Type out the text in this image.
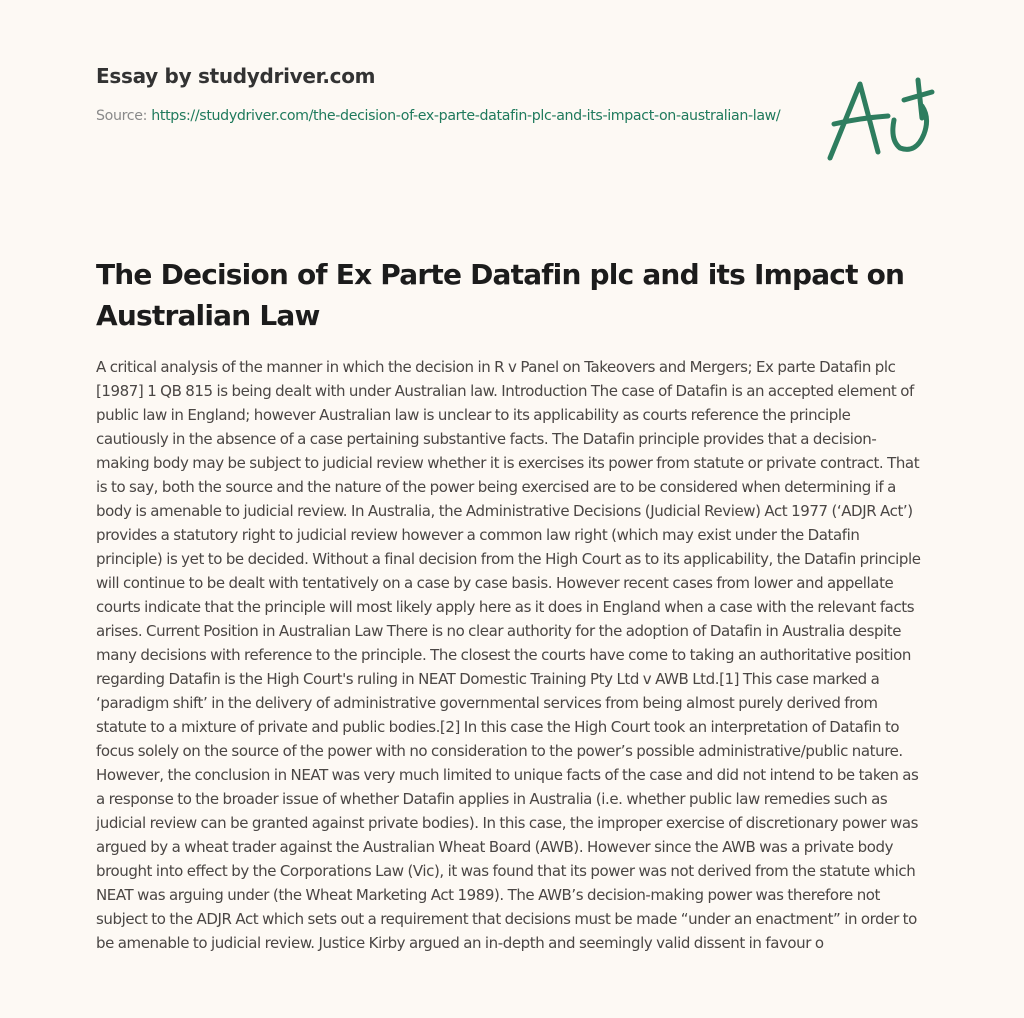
Essay by studydriver.com
Source: https://studydriver.com/the-decision-of-ex-parte-datafin-plc-and-its-impact-on-australian-law/
The Decision of Ex Parte Datafin plc and its Impact on Australian Law

A critical analysis of the manner in which the decision in R v Panel on Takeovers and Mergers; Ex parte Datafin plc [1987] 1 QB 815 is being dealt with under Australian law. Introduction The case of Datafin is an accepted element of public law in England; however Australian law is unclear to its applicability as courts reference the principle cautiously in the absence of a case pertaining substantive facts. The Datafin principle provides that a decision-making body may be subject to judicial review whether it is exercises its power from statute or private contract. That is to say, both the source and the nature of the power being exercised are to be considered when determining if a body is amenable to judicial review. In Australia, the Administrative Decisions (Judicial Review) Act 1977 (‘ADJR Act’) provides a statutory right to judicial review however a common law right (which may exist under the Datafin principle) is yet to be decided. Without a final decision from the High Court as to its applicability, the Datafin principle will continue to be dealt with tentatively on a case by case basis. However recent cases from lower and appellate courts indicate that the principle will most likely apply here as it does in England when a case with the relevant facts arises. Current Position in Australian Law There is no clear authority for the adoption of Datafin in Australia despite many decisions with reference to the principle. The closest the courts have come to taking an authoritative position regarding Datafin is the High Court's ruling in NEAT Domestic Training Pty Ltd v AWB Ltd.[1] This case marked a ‘paradigm shift’ in the delivery of administrative governmental services from being almost purely derived from statute to a mixture of private and public bodies.[2] In this case the High Court took an interpretation of Datafin to focus solely on the source of the power with no consideration to the power’s possible administrative/public nature. However, the conclusion in NEAT was very much limited to unique facts of the case and did not intend to be taken as a response to the broader issue of whether Datafin applies in Australia (i.e. whether public law remedies such as judicial review can be granted against private bodies). In this case, the improper exercise of discretionary power was argued by a wheat trader against the Australian Wheat Board (AWB). However since the AWB was a private body brought into effect by the Corporations Law (Vic), it was found that its power was not derived from the statute which NEAT was arguing under (the Wheat Marketing Act 1989). The AWB’s decision-making power was therefore not subject to the ADJR Act which sets out a requirement that decisions must be made “under an enactment” in order to be amenable to judicial review. Justice Kirby argued an in-depth and seemingly valid dissent in favour o
